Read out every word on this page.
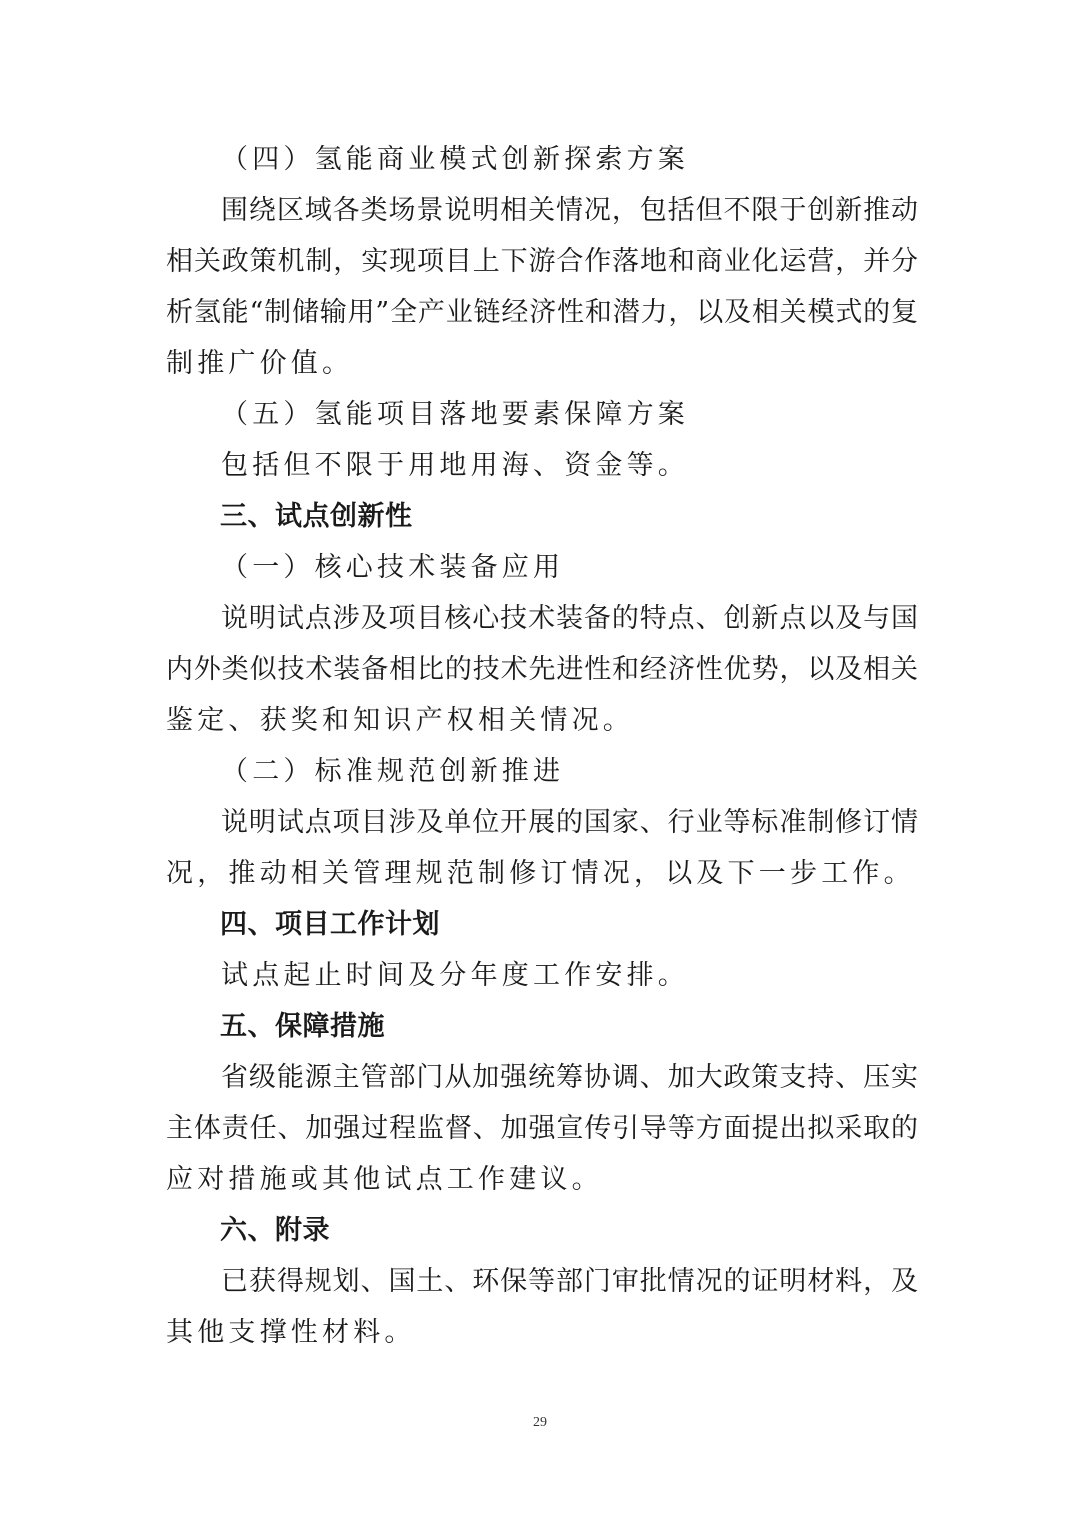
（四）氢能商业模式创新探索方案
围绕区域各类场景说明相关情况，包括但不限于创新推动
相关政策机制，实现项目上下游合作落地和商业化运营，并分
析氢能“制储输用”全产业链经济性和潜力，以及相关模式的复
制推广价值。
（五）氢能项目落地要素保障方案
包括但不限于用地用海、资金等。
三、试点创新性
（一）核心技术装备应用
说明试点涉及项目核心技术装备的特点、创新点以及与国
内外类似技术装备相比的技术先进性和经济性优势，以及相关
鉴定、获奖和知识产权相关情况。
（二）标准规范创新推进
说明试点项目涉及单位开展的国家、行业等标准制修订情
况，推动相关管理规范制修订情况，以及下一步工作。
四、项目工作计划
试点起止时间及分年度工作安排。
五、保障措施
省级能源主管部门从加强统筹协调、加大政策支持、压实
主体责任、加强过程监督、加强宣传引导等方面提出拟采取的
应对措施或其他试点工作建议。
六、附录
已获得规划、国土、环保等部门审批情况的证明材料，及
其他支撑性材料。
29
